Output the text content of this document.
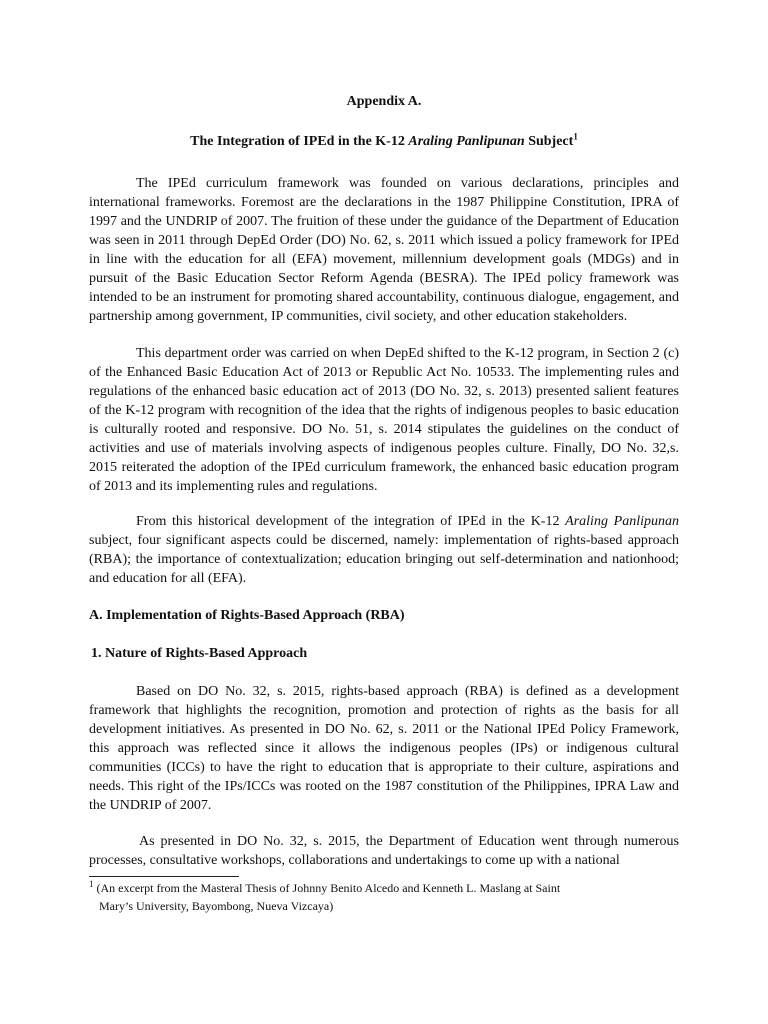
Appendix A.
The Integration of IPEd in the K-12 Araling Panlipunan Subject$^1$

The IPEd curriculum framework was founded on various declarations, principles and international frameworks. Foremost are the declarations in the 1987 Philippine Constitution, IPRA of 1997 and the UNDRIP of 2007. The fruition of these under the guidance of the Department of Education was seen in 2011 through DepEd Order (DO) No. 62, s. 2011 which issued a policy framework for IPEd in line with the education for all (EFA) movement, millennium development goals (MDGs) and in pursuit of the Basic Education Sector Reform Agenda (BESRA). The IPEd policy framework was intended to be an instrument for promoting shared accountability, continuous dialogue, engagement, and partnership among government, IP communities, civil society, and other education stakeholders.

This department order was carried on when DepEd shifted to the K-12 program, in Section 2 (c) of the Enhanced Basic Education Act of 2013 or Republic Act No. 10533. The implementing rules and regulations of the enhanced basic education act of 2013 (DO No. 32, s. 2013) presented salient features of the K-12 program with recognition of the idea that the rights of indigenous peoples to basic education is culturally rooted and responsive. DO No. 51, s. 2014 stipulates the guidelines on the conduct of activities and use of materials involving aspects of indigenous peoples culture. Finally, DO No. 32,s. 2015 reiterated the adoption of the IPEd curriculum framework, the enhanced basic education program of 2013 and its implementing rules and regulations.

From this historical development of the integration of IPEd in the K-12 Araling Panlipunan subject, four significant aspects could be discerned, namely: implementation of rights-based approach (RBA); the importance of contextualization; education bringing out self-determination and nationhood; and education for all (EFA).

A. Implementation of Rights-Based Approach (RBA)
1. Nature of Rights-Based Approach

Based on DO No. 32, s. 2015, rights-based approach (RBA) is defined as a development framework that highlights the recognition, promotion and protection of rights as the basis for all development initiatives. As presented in DO No. 62, s. 2011 or the National IPEd Policy Framework, this approach was reflected since it allows the indigenous peoples (IPs) or indigenous cultural communities (ICCs) to have the right to education that is appropriate to their culture, aspirations and needs. This right of the IPs/ICCs was rooted on the 1987 constitution of the Philippines, IPRA Law and the UNDRIP of 2007.

As presented in DO No. 32, s. 2015, the Department of Education went through numerous processes, consultative workshops, collaborations and undertakings to come up with a national

$^1$ (An excerpt from the Masteral Thesis of Johnny Benito Alcedo and Kenneth L. Maslang at Saint
Mary’s University, Bayombong, Nueva Vizcaya)
